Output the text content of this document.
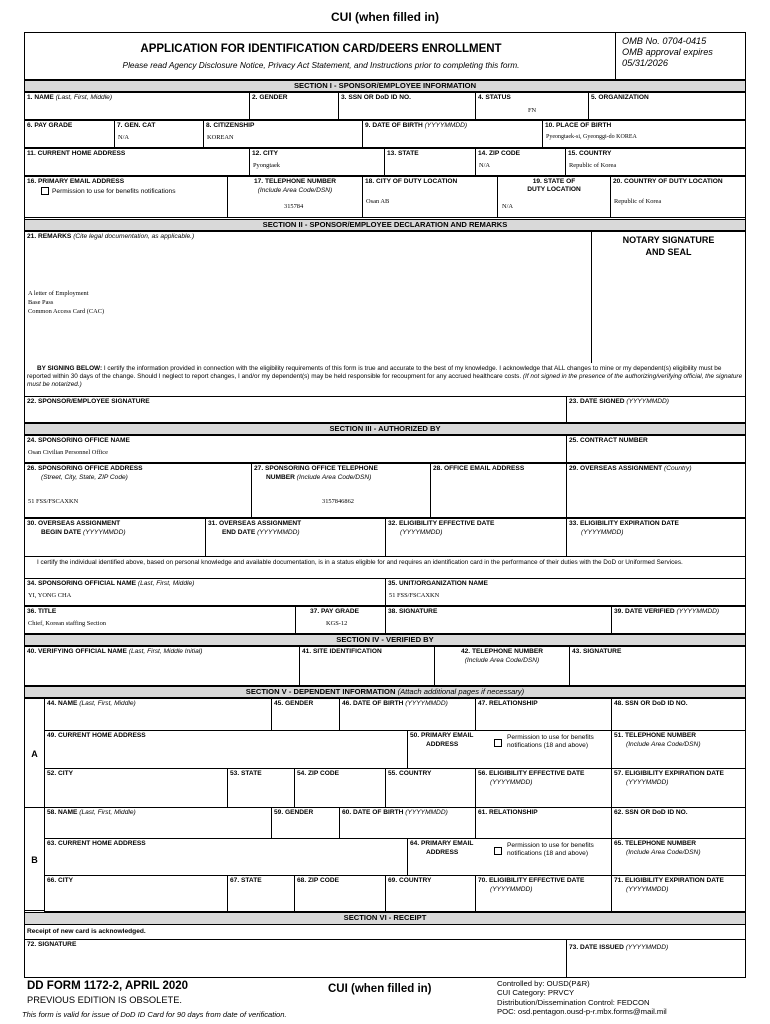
CUI (when filled in)
APPLICATION FOR IDENTIFICATION CARD/DEERS ENROLLMENT
Please read Agency Disclosure Notice, Privacy Act Statement, and Instructions prior to completing this form.
OMB No. 0704-0415
OMB approval expires
05/31/2026
SECTION I - SPONSOR/EMPLOYEE INFORMATION
1. NAME (Last, First, Middle)	2. GENDER	3. SSN OR DoD ID NO.	4. STATUS
FN
5. ORGANIZATION
6. PAY GRADE	7. GEN. CAT
N/A
8. CITIZENSHIP
KOREAN
9. DATE OF BIRTH (YYYYMMDD)	10. PLACE OF BIRTH
Pyeongtaek-si, Gyeonggi-do KOREA
11. CURRENT HOME ADDRESS	12. CITY
Pyongtaek
13. STATE	14. ZIP CODE
N/A
15. COUNTRY
Republic of Korea
16. PRIMARY EMAIL ADDRESS
Permission to use for benefits notifications
17. TELEPHONE NUMBER
(Include Area Code/DSN)
315784
18. CITY OF DUTY LOCATION
Osan AB
19. STATE OF
DUTY LOCATION
N/A
20. COUNTRY OF DUTY LOCATION
Republic of Korea
SECTION II - SPONSOR/EMPLOYEE DECLARATION AND REMARKS
21. REMARKS (Cite legal documentation, as applicable.)
A letter of Employment
Base Pass
Common Access Card (CAC)
NOTARY SIGNATURE
AND SEAL
BY SIGNING BELOW: I certify the information provided in connection with the eligibility requirements of this form is true and accurate to the best of my knowledge. I acknowledge that ALL changes to mine or my dependent(s) eligibility must be reported within 30 days of the change. Should I neglect to report changes, I and/or my dependent(s) may be held responsible for recoupment for any accrued healthcare costs. (If not signed in the presence of the authorizing/verifying official, the signature must be notarized.)
22. SPONSOR/EMPLOYEE SIGNATURE	23. DATE SIGNED (YYYYMMDD)
SECTION III - AUTHORIZED BY
24. SPONSORING OFFICE NAME
Osan Civilian Personnel Office
25. CONTRACT NUMBER
26. SPONSORING OFFICE ADDRESS
(Street, City, State, ZIP Code)
51 FSS/FSCAXKN
27. SPONSORING OFFICE TELEPHONE
NUMBER (Include Area Code/DSN)
3157846862
28. OFFICE EMAIL ADDRESS	29. OVERSEAS ASSIGNMENT (Country)
30. OVERSEAS ASSIGNMENT
BEGIN DATE (YYYYMMDD)
31. OVERSEAS ASSIGNMENT
END DATE (YYYYMMDD)
32. ELIGIBILITY EFFECTIVE DATE
(YYYYMMDD)
33. ELIGIBILITY EXPIRATION DATE
(YYYYMMDD)
I certify the individual identified above, based on personal knowledge and available documentation, is in a status eligible for and requires an identification card in the performance of their duties with the DoD or Uniformed Services.
34. SPONSORING OFFICIAL NAME (Last, First, Middle)
YI, YONG CHA
35. UNIT/ORGANIZATION NAME
51 FSS/FSCAXKN
36. TITLE
Chief, Korean staffing Section
37. PAY GRADE
KGS-12
38. SIGNATURE	39. DATE VERIFIED (YYYYMMDD)
SECTION IV - VERIFIED BY
40. VERIFYING OFFICIAL NAME (Last, First, Middle Initial)	41. SITE IDENTIFICATION	42. TELEPHONE NUMBER
(Include Area Code/DSN)
43. SIGNATURE
SECTION V - DEPENDENT INFORMATION (Attach additional pages if necessary)
A
44. NAME (Last, First, Middle)	45. GENDER	46. DATE OF BIRTH (YYYYMMDD)	47. RELATIONSHIP	48. SSN OR DoD ID NO.
49. CURRENT HOME ADDRESS	50. PRIMARY EMAIL
ADDRESS
Permission to use for benefits
notifications (18 and above)
51. TELEPHONE NUMBER
(Include Area Code/DSN)
52. CITY	53. STATE	54. ZIP CODE	55. COUNTRY	56. ELIGIBILITY EFFECTIVE DATE
(YYYYMMDD)
57. ELIGIBILITY EXPIRATION DATE
(YYYYMMDD)
B
58. NAME (Last, First, Middle)	59. GENDER	60. DATE OF BIRTH (YYYYMMDD)	61. RELATIONSHIP	62. SSN OR DoD ID NO.
63. CURRENT HOME ADDRESS	64. PRIMARY EMAIL
ADDRESS
Permission to use for benefits
notifications (18 and above)
65. TELEPHONE NUMBER
(Include Area Code/DSN)
66. CITY	67. STATE	68. ZIP CODE	69. COUNTRY	70. ELIGIBILITY EFFECTIVE DATE
(YYYYMMDD)
71. ELIGIBILITY EXPIRATION DATE
(YYYYMMDD)
SECTION VI - RECEIPT
Receipt of new card is acknowledged.
72. SIGNATURE	73. DATE ISSUED (YYYYMMDD)
DD FORM 1172-2, APRIL 2020
PREVIOUS EDITION IS OBSOLETE.
This form is valid for issue of DoD ID Card for 90 days from date of verification.
CUI (when filled in)	Controlled by: OUSD(P&R)
CUI Category: PRVCY
Distribution/Dissemination Control: FEDCON
POC: osd.pentagon.ousd-p-r.mbx.forms@mail.mil
